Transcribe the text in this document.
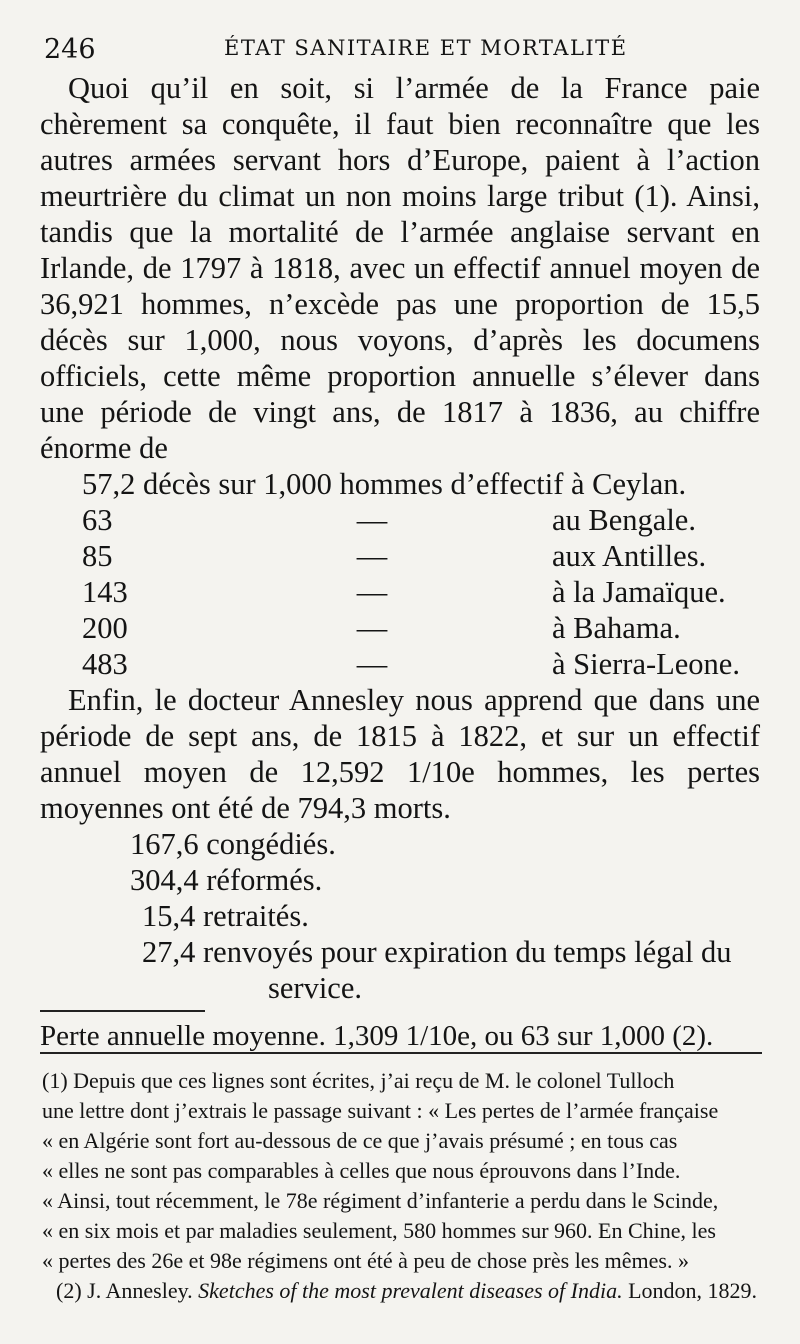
246	ÉTAT SANITAIRE ET MORTALITÉ

Quoi qu’il en soit, si l’armée de la France paie chèrement sa conquête, il faut bien reconnaître que les autres armées servant hors d’Europe, paient à l’action meurtrière du climat un non moins large tribut (1). Ainsi, tandis que la mortalité de l’armée anglaise servant en Irlande, de 1797 à 1818, avec un effectif annuel moyen de 36,921 hommes, n’excède pas une proportion de 15,5 décès sur 1,000, nous voyons, d’après les documens officiels, cette même proportion annuelle s’élever dans une période de vingt ans, de 1817 à 1836, au chiffre énorme de

57,2 décès sur 1,000 hommes d’effectif à Ceylan.
63	—	au Bengale.
85	—	aux Antilles.
143	—	à la Jamaïque.
200	—	à Bahama.
483	—	à Sierra-Leone.

Enfin, le docteur Annesley nous apprend que dans une période de sept ans, de 1815 à 1822, et sur un effectif annuel moyen de 12,592 1/10e hommes, les pertes moyennes ont été de 794,3 morts.

167,6 congédiés.
304,4 réformés.
15,4 retraités.
27,4 renvoyés pour expiration du temps légal du
service.
Perte annuelle moyenne. 1,309 1/10e, ou 63 sur 1,000 (2).
(1) Depuis que ces lignes sont écrites, j’ai reçu de M. le colonel Tulloch
une lettre dont j’extrais le passage suivant : « Les pertes de l’armée française
« en Algérie sont fort au-dessous de ce que j’avais présumé ; en tous cas
« elles ne sont pas comparables à celles que nous éprouvons dans l’Inde.
« Ainsi, tout récemment, le 78e régiment d’infanterie a perdu dans le Scinde,
« en six mois et par maladies seulement, 580 hommes sur 960. En Chine, les
« pertes des 26e et 98e régimens ont été à peu de chose près les mêmes. »

(2) J. Annesley. Sketches of the most prevalent diseases of India. London, 1829.
